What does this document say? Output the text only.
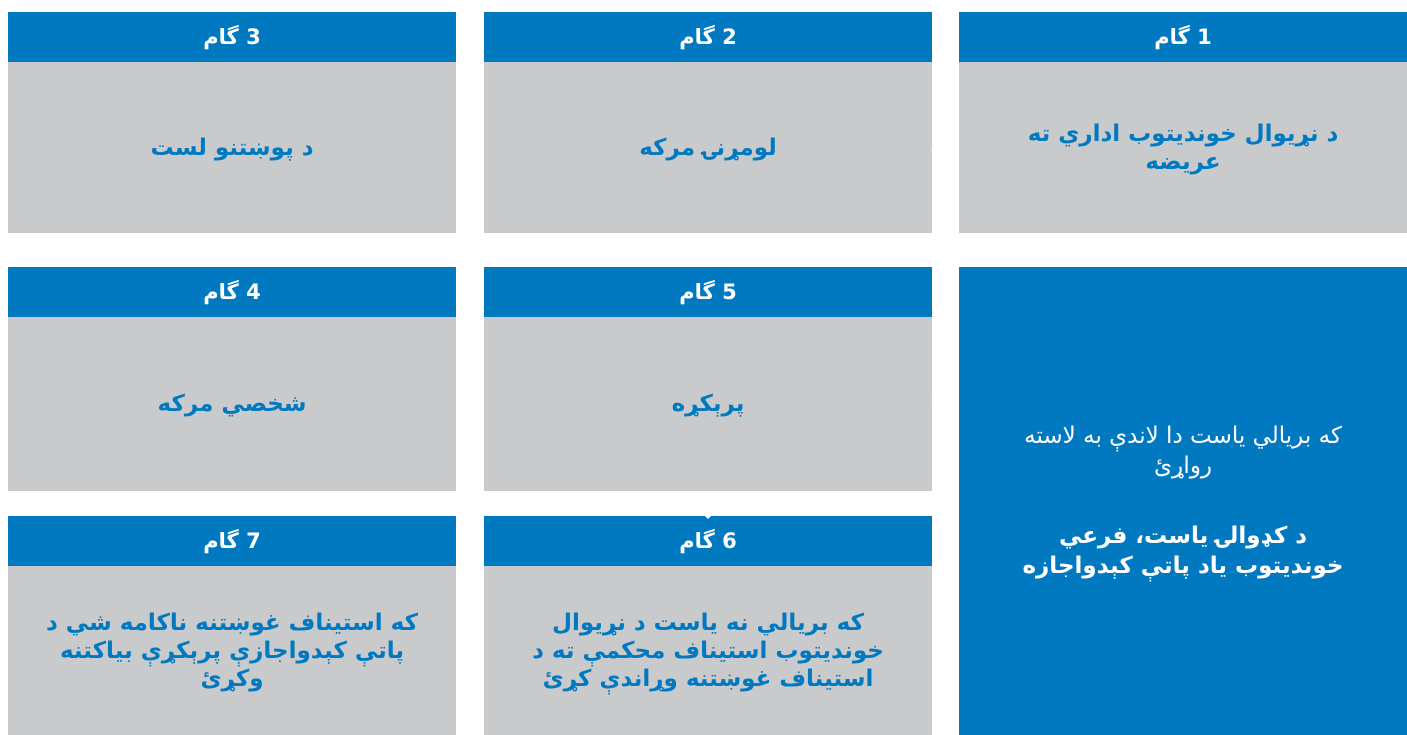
1 گام
د نړیوال خوندیتوب اداري ته عریضه
2 گام
لومړنۍ مرکه
3 گام
د پوښتنو لست
4 گام
شخصي مرکه
5 گام
پرېکړه
6 گام
که بریالي نه یاست د نړیوال خوندیتوب استیناف محکمې ته د استیناف غوښتنه وړاندې کړئ
7 گام
که استیناف غوښتنه ناکامه شي د پاتې کېدواجازې پرېکړې بیاکتنه وکړئ

که بریالي یاست دا لاندې به لاسته رواړئ

د کډوالۍ یاست، فرعي خوندیتوب یاد پاتې کېدواجازه
